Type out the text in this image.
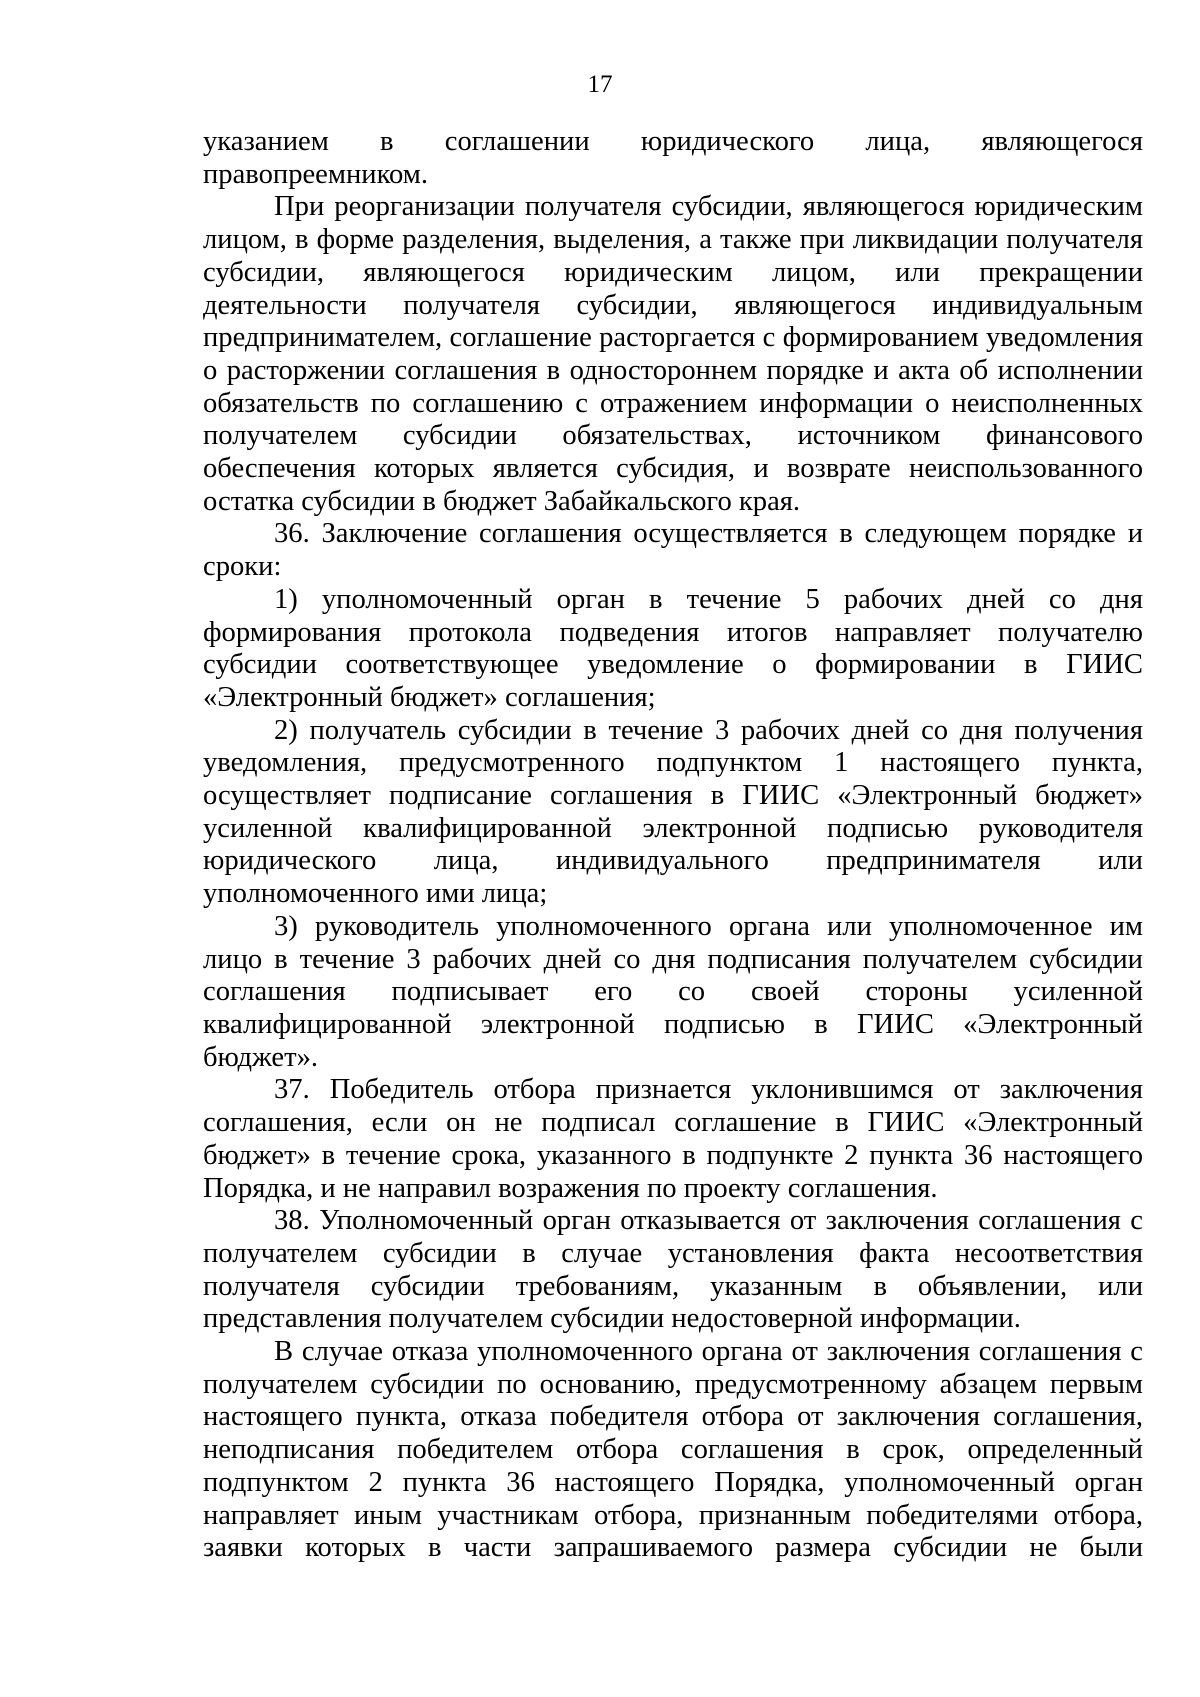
17

указанием в соглашении юридического лица, являющегося правопреемником.

При реорганизации получателя субсидии, являющегося юридическим лицом, в форме разделения, выделения, а также при ликвидации получателя субсидии, являющегося юридическим лицом, или прекращении деятельности получателя субсидии, являющегося индивидуальным предпринимателем, соглашение расторгается с формированием уведомления о расторжении соглашения в одностороннем порядке и акта об исполнении обязательств по соглашению с отражением информации о неисполненных получателем субсидии обязательствах, источником финансового обеспечения которых является субсидия, и возврате неиспользованного остатка субсидии в бюджет Забайкальского края.

36. Заключение соглашения осуществляется в следующем порядке и сроки:

1) уполномоченный орган в течение 5 рабочих дней со дня формирования протокола подведения итогов направляет получателю субсидии соответствующее уведомление о формировании в ГИИС «Электронный бюджет» соглашения;

2) получатель субсидии в течение 3 рабочих дней со дня получения уведомления, предусмотренного подпунктом 1 настоящего пункта, осуществляет подписание соглашения в ГИИС «Электронный бюджет» усиленной квалифицированной электронной подписью руководителя юридического лица, индивидуального предпринимателя или уполномоченного ими лица;

3) руководитель уполномоченного органа или уполномоченное им лицо в течение 3 рабочих дней со дня подписания получателем субсидии соглашения подписывает его со своей стороны усиленной квалифицированной электронной подписью в ГИИС «Электронный бюджет».

37. Победитель отбора признается уклонившимся от заключения соглашения, если он не подписал соглашение в ГИИС «Электронный бюджет» в течение срока, указанного в подпункте 2 пункта 36 настоящего Порядка, и не направил возражения по проекту соглашения.

38. Уполномоченный орган отказывается от заключения соглашения с получателем субсидии в случае установления факта несоответствия получателя субсидии требованиям, указанным в объявлении, или представления получателем субсидии недостоверной информации.

В случае отказа уполномоченного органа от заключения соглашения с получателем субсидии по основанию, предусмотренному абзацем первым настоящего пункта, отказа победителя отбора от заключения соглашения, неподписания победителем отбора соглашения в срок, определенный подпунктом 2 пункта 36 настоящего Порядка, уполномоченный орган направляет иным участникам отбора, признанным победителями отбора, заявки которых в части запрашиваемого размера субсидии не были
